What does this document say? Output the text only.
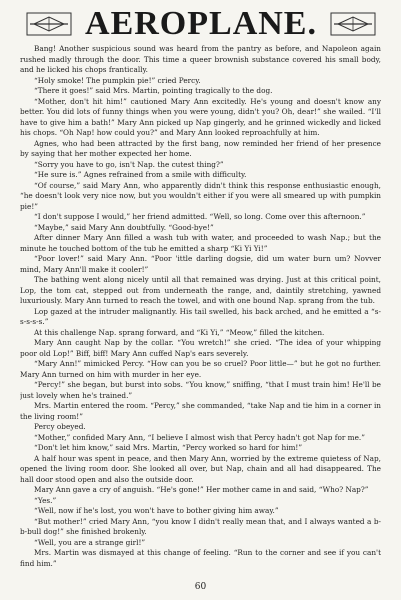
AEROPLANE.

Bang! Another suspicious sound was heard from the pantry as before, and Napoleon again rushed madly through the door. This time a queer brownish substance covered his small body, and he licked his chops frantically.

“Holy smoke! The pumpkin pie!” cried Percy.

“There it goes!” said Mrs. Martin, pointing tragically to the dog.

“Mother, don't hit him!” cautioned Mary Ann excitedly. He's young and doesn't know any better. You did lots of funny things when you were young, didn't you? Oh, dear!” she wailed. “I'll have to give him a bath!” Mary Ann picked up Nap gingerly, and he grinned wickedly and licked his chops. “Oh Nap! how could you?” and Mary Ann looked reproachfully at him.

Agnes, who had been attracted by the first bang, now reminded her friend of her presence by saying that her mother expected her home.

“Sorry you have to go, isn't Nap. the cutest thing?”

“He sure is.” Agnes refrained from a smile with difficulty.

“Of course,” said Mary Ann, who apparently didn't think this response enthusiastic enough, “he doesn't look very nice now, but you wouldn't either if you were all smeared up with pumpkin pie!”

“I don't suppose I would,” her friend admitted. “Well, so long. Come over this afternoon.”

“Maybe,” said Mary Ann doubtfully. “Good-bye!”

After dinner Mary Ann filled a wash tub with water, and proceeded to wash Nap.; but the minute he touched bottom of the tub he emitted a sharp “Ki Yi Yi!”

“Poor lover!” said Mary Ann. “Poor 'ittle darling dogsie, did um water burn um? Novver mind, Mary Ann'll make it cooler!”

The bathing went along nicely until all that remained was drying. Just at this critical point, Lop, the tom cat, stepped out from underneath the range, and, daintily stretching, yawned luxuriously. Mary Ann turned to reach the towel, and with one bound Nap. sprang from the tub.

Lop gazed at the intruder malignantly. His tail swelled, his back arched, and he emitted a “s-s-s-s-s.”

At this challenge Nap. sprang forward, and “Ki Yi,” “Meow,” filled the kitchen.

Mary Ann caught Nap by the collar. “You wretch!” she cried. “The idea of your whipping poor old Lop!” Biff, biff! Mary Ann cuffed Nap's ears severely.

“Mary Ann!” mimicked Percy. “How can you be so cruel? Poor little—” but he got no further. Mary Ann turned on him with murder in her eye.

“Percy!” she began, but burst into sobs. “You know,” sniffing, “that I must train him! He'll be just lovely when he's trained.”

Mrs. Martin entered the room. “Percy,” she commanded, “take Nap and tie him in a corner in the living room!”

Percy obeyed.

“Mother,” confided Mary Ann, “I believe I almost wish that Percy hadn't got Nap for me.”

“Don't let him know,” said Mrs. Martin, “Percy worked so hard for him!”

A half hour was spent in peace, and then Mary Ann, worried by the extreme quietess of Nap, opened the living room door. She looked all over, but Nap, chain and all had disappeared. The hall door stood open and also the outside door.

Mary Ann gave a cry of anguish. “He's gone!” Her mother came in and said, “Who? Nap?”

“Yes.”

“Well, now if he's lost, you won't have to bother giving him away.”

“But mother!” cried Mary Ann, “you know I didn't really mean that, and I always wanted a b-b-bull dog!” she finished brokenly.

“Well, you are a strange girl!”

Mrs. Martin was dismayed at this change of feeling. “Run to the corner and see if you can't find him.”

60
